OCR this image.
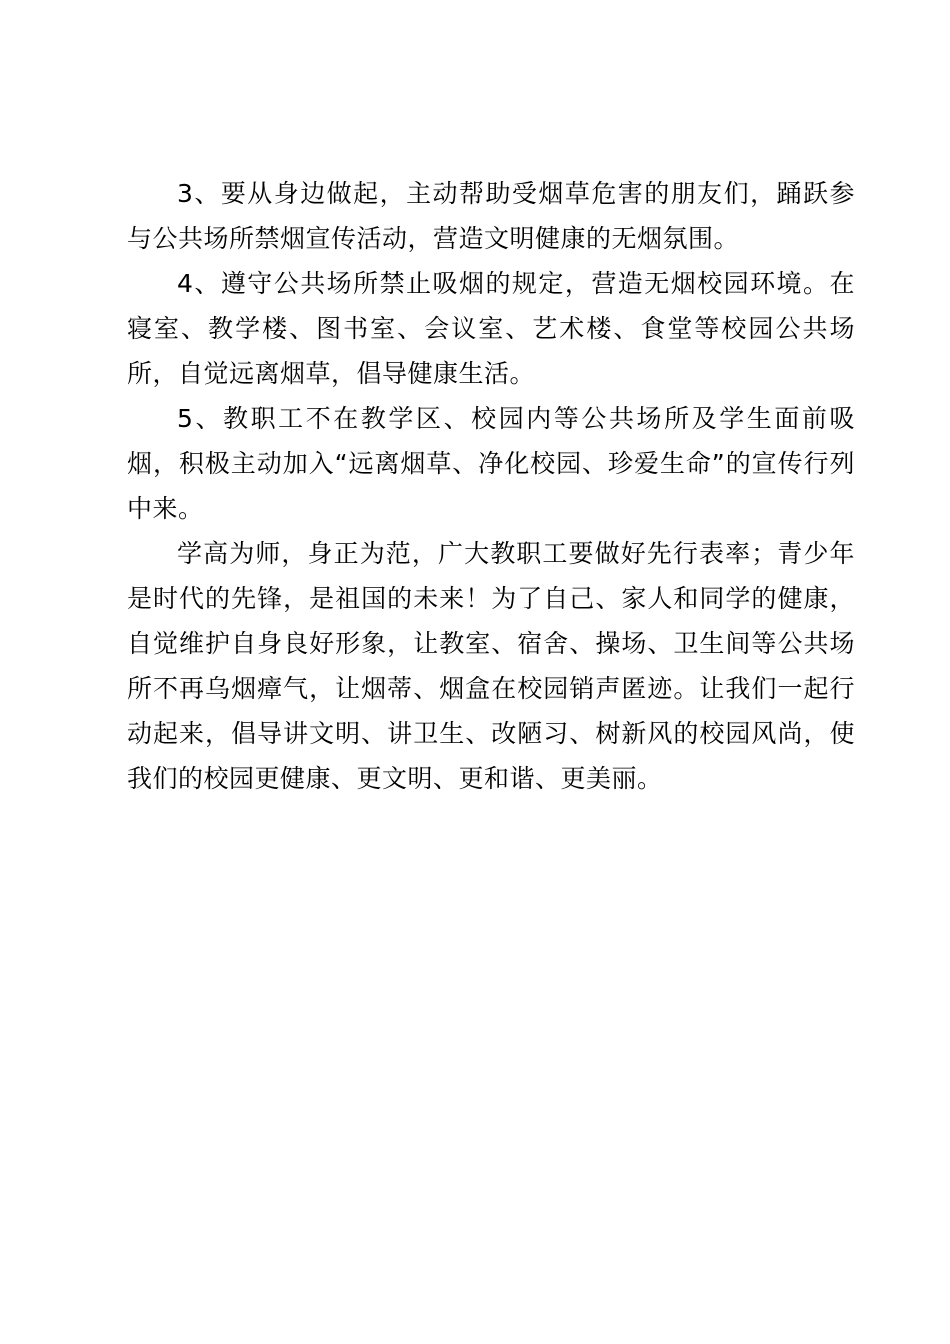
3、要从身边做起，主动帮助受烟草危害的朋友们，踊跃参与公共场所禁烟宣传活动，营造文明健康的无烟氛围。

4、遵守公共场所禁止吸烟的规定，营造无烟校园环境。在寝室、教学楼、图书室、会议室、艺术楼、食堂等校园公共场所，自觉远离烟草，倡导健康生活。

5、教职工不在教学区、校园内等公共场所及学生面前吸烟，积极主动加入“远离烟草、净化校园、珍爱生命”的宣传行列中来。

学高为师，身正为范，广大教职工要做好先行表率；青少年是时代的先锋，是祖国的未来！为了自己、家人和同学的健康，自觉维护自身良好形象，让教室、宿舍、操场、卫生间等公共场所不再乌烟瘴气，让烟蒂、烟盒在校园销声匿迹。让我们一起行动起来，倡导讲文明、讲卫生、改陋习、树新风的校园风尚，使我们的校园更健康、更文明、更和谐、更美丽。
